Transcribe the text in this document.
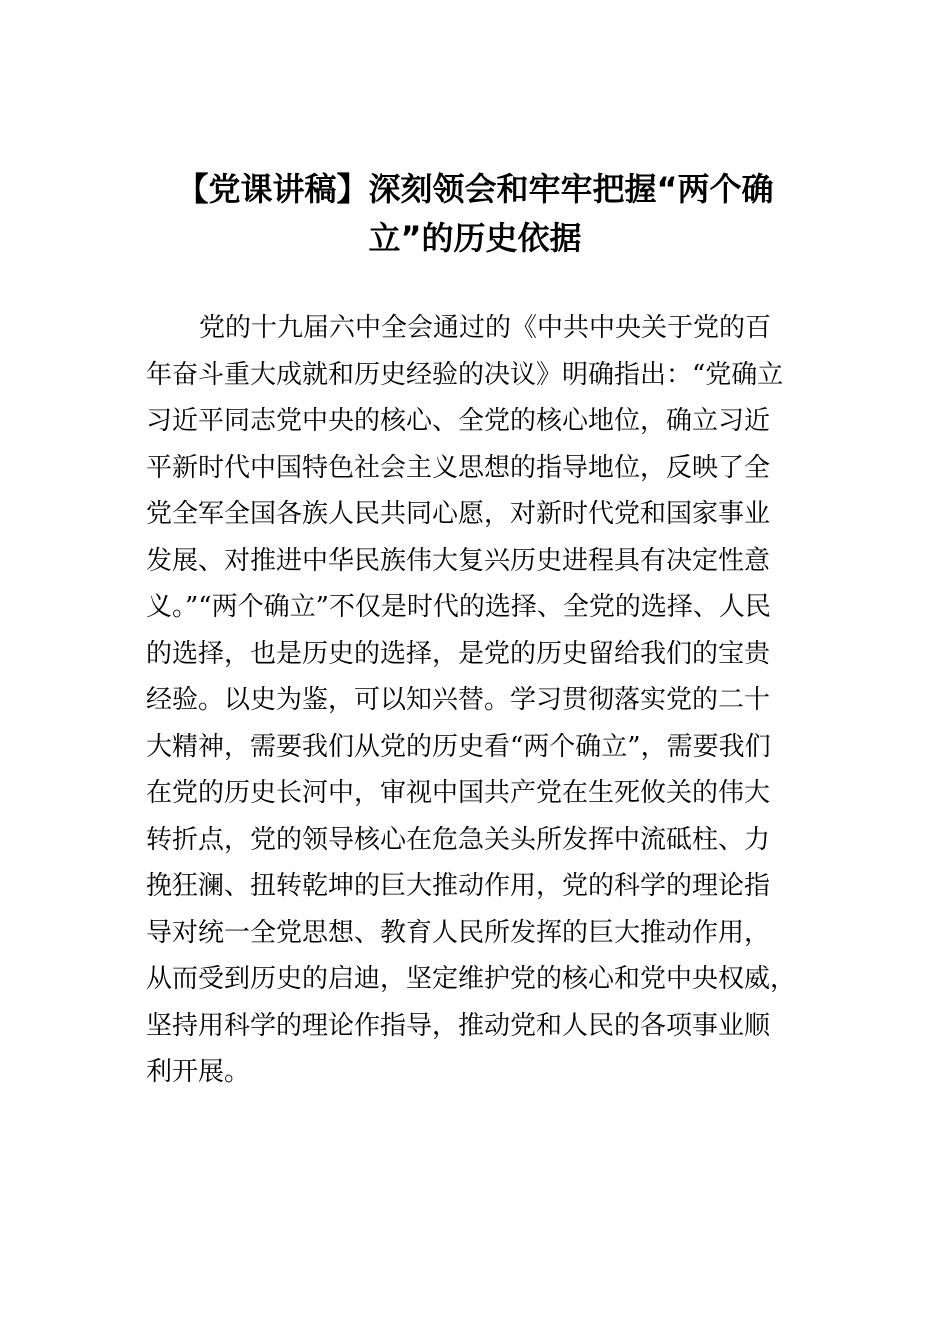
【党课讲稿】深刻领会和牢牢把握“两个确
立”的历史依据
党的十九届六中全会通过的《中共中央关于党的百
年奋斗重大成就和历史经验的决议》明确指出：“党确立
习近平同志党中央的核心、全党的核心地位，确立习近
平新时代中国特色社会主义思想的指导地位，反映了全
党全军全国各族人民共同心愿，对新时代党和国家事业
发展、对推进中华民族伟大复兴历史进程具有决定性意
义。”“两个确立”不仅是时代的选择、全党的选择、人民
的选择，也是历史的选择，是党的历史留给我们的宝贵
经验。以史为鉴，可以知兴替。学习贯彻落实党的二十
大精神，需要我们从党的历史看“两个确立”，需要我们
在党的历史长河中，审视中国共产党在生死攸关的伟大
转折点，党的领导核心在危急关头所发挥中流砥柱、力
挽狂澜、扭转乾坤的巨大推动作用，党的科学的理论指
导对统一全党思想、教育人民所发挥的巨大推动作用，
从而受到历史的启迪，坚定维护党的核心和党中央权威，
坚持用科学的理论作指导，推动党和人民的各项事业顺
利开展。
